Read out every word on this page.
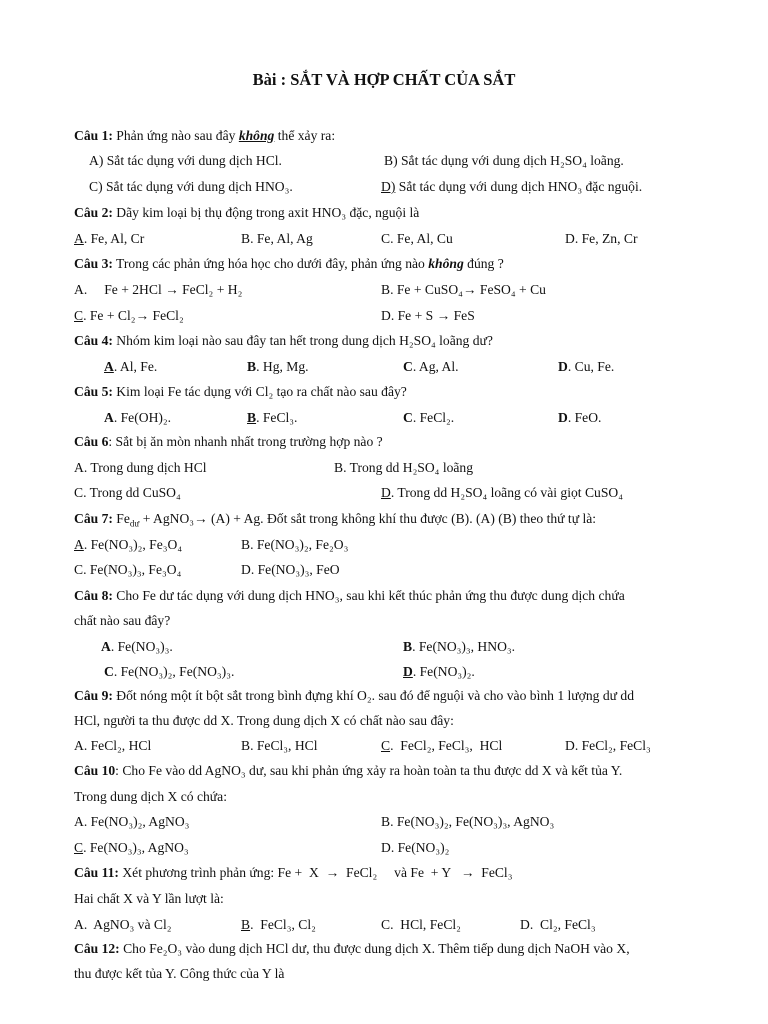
Bài : SẮT VÀ HỢP CHẤT CỦA SẮT
Câu 1: Phản ứng nào sau đây không thể xảy ra:
A) Sắt tác dụng với dung dịch HCl.	B) Sắt tác dụng với dung dịch H₂SO₄ loãng.
C) Sắt tác dụng với dung dịch HNO₃.	D) Sắt tác dụng với dung dịch HNO₃ đặc nguội.
Câu 2: Dãy kim loại bị thụ động trong axit HNO₃ đặc, nguội là
A. Fe, Al, Cr	B. Fe, Al, Ag	C. Fe, Al, Cu	D. Fe, Zn, Cr
Câu 3: Trong các phản ứng hóa học cho dưới đây, phản ứng nào không đúng ?
A.     Fe + 2HCl → FeCl₂ + H₂	B. Fe + CuSO₄→ FeSO₄ + Cu
C. Fe + Cl₂→ FeCl₂	D. Fe + S → FeS
Câu 4: Nhóm kim loại nào sau đây tan hết trong dung dịch H₂SO₄ loãng dư?
A. Al, Fe.	B. Hg, Mg.	C. Ag, Al.	D. Cu, Fe.
Câu 5: Kim loại Fe tác dụng với Cl₂ tạo ra chất nào sau đây?
A. Fe(OH)₂.	B. FeCl₃.	C. FeCl₂.	D. FeO.
Câu 6: Sắt bị ăn mòn nhanh nhất trong trường hợp nào ?
A. Trong dung dịch HCl	B. Trong dd H₂SO₄ loãng
C. Trong dd CuSO₄	D. Trong dd H₂SO₄ loãng có vài giọt CuSO₄
Câu 7: $Fe_{dư}$ + AgNO₃→ (A) + Ag. Đốt sắt trong không khí thu được (B). (A) (B) theo thứ tự là:
A. Fe(NO₃)₂, Fe₃O₄	B. Fe(NO₃)₂, Fe₂O₃
C. Fe(NO₃)₃, Fe₃O₄	D. Fe(NO₃)₃, FeO
Câu 8: Cho Fe dư tác dụng với dung dịch HNO₃, sau khi kết thúc phản ứng thu được dung dịch chứa
chất nào sau đây?
A. Fe(NO₃)₃.	B. Fe(NO₃)₃, HNO₃.
C. Fe(NO₃)₂, Fe(NO₃)₃.	D. Fe(NO₃)₂.
Câu 9: Đốt nóng một ít bột sắt trong bình đựng khí O₂. sau đó để nguội và cho vào bình 1 lượng dư dd
HCl, người ta thu được dd X. Trong dung dịch X có chất nào sau đây:
A. FeCl₂, HCl	B. FeCl₃, HCl	C.  FeCl₂, FeCl₃,  HCl	D. FeCl₂, FeCl₃
Câu 10: Cho Fe vào dd AgNO₃ dư, sau khi phản ứng xảy ra hoàn toàn ta thu được dd X và kết tủa Y.
Trong dung dịch X có chứa:
A. Fe(NO₃)₂, AgNO₃	B. Fe(NO₃)₂, Fe(NO₃)₃, AgNO₃
C. Fe(NO₃)₃, AgNO₃	D. Fe(NO₃)₂
Câu 11: Xét phương trình phản ứng: Fe +  X  →  FeCl₂     và Fe  + Y   →  FeCl₃
Hai chất X và Y lần lượt là:
A.  AgNO₃ và Cl₂	B.  FeCl₃, Cl₂	C.  HCl, FeCl₂	D.  Cl₂, FeCl₃
Câu 12: Cho Fe₂O₃ vào dung dịch HCl dư, thu được dung dịch X. Thêm tiếp dung dịch NaOH vào X,
thu được kết tủa Y. Công thức của Y là
